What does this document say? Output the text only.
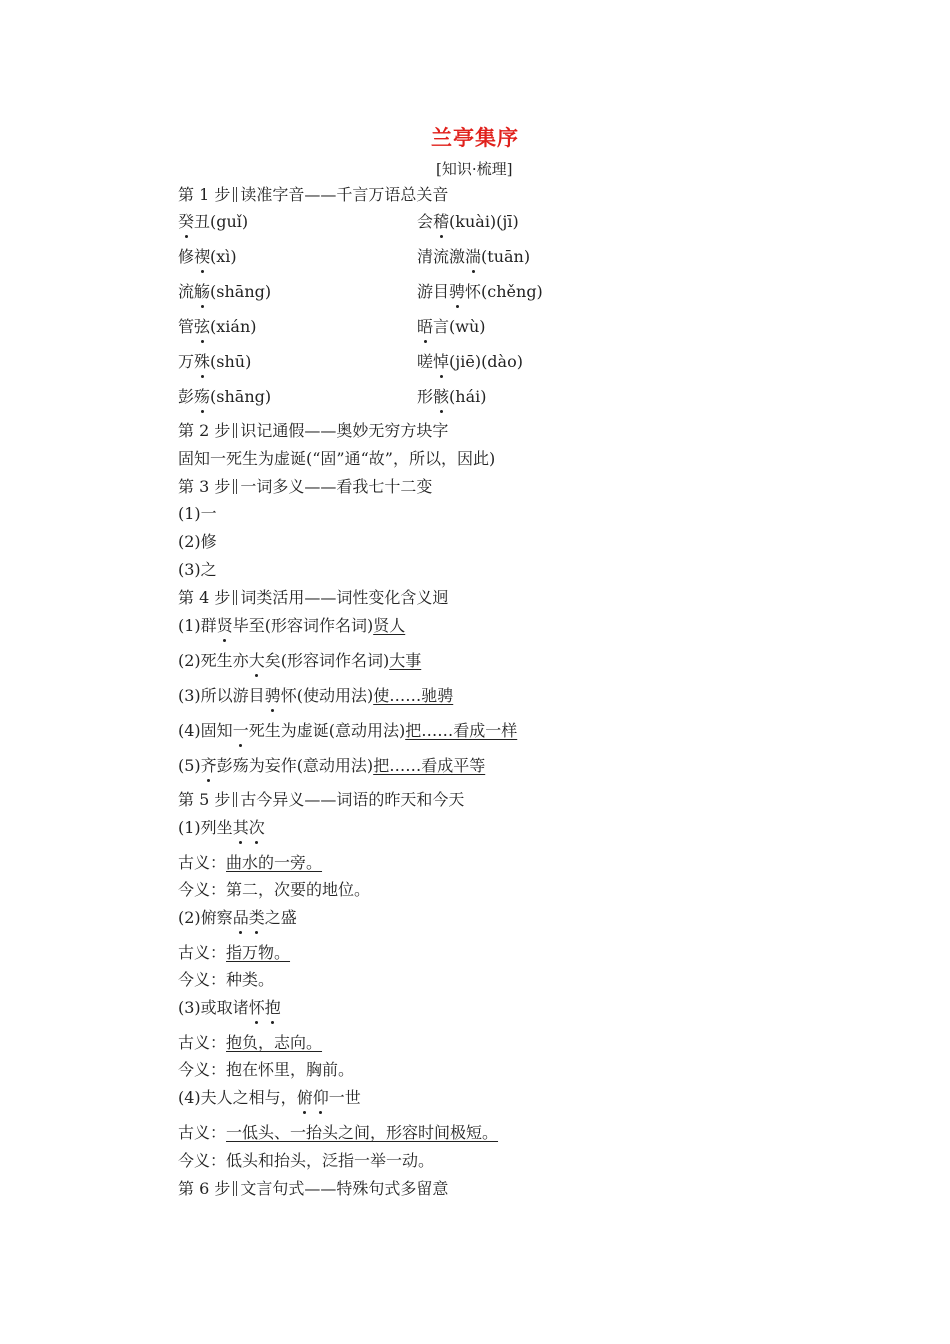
兰亭集序
[知识·梳理]
第 1 步 读准字音——千言万语总关音
癸丑(guǐ)
修禊(xì)
流觞(shāng)
管弦(xián)
万殊(shū)
彭殇(shāng)
会稽(kuài)(jī)
清流激湍(tuān)
游目骋怀(chěng)
晤言(wù)
嗟悼(jiē)(dào)
形骸(hái)
第 2 步 识记通假——奥妙无穷方块字
固知一死生为虚诞(“固”通“故”，所以，因此)
第 3 步 一词多义——看我七十二变
(1)一
(2)修
(3)之
第 4 步 词类活用——词性变化含义迥
(1)群贤毕至(形容词作名词)贤人
(2)死生亦大矣(形容词作名词)大事
(3)所以游目骋怀(使动用法)使……驰骋
(4)固知一死生为虚诞(意动用法)把……看成一样
(5)齐彭殇为妄作(意动用法)把……看成平等
第 5 步 古今异义——词语的昨天和今天
(1)列坐其次
古义：曲水的一旁。
今义：第二，次要的地位。
(2)俯察品类之盛
古义：指万物。
今义：种类。
(3)或取诸怀抱
古义：抱负，志向。
今义：抱在怀里，胸前。
(4)夫人之相与，俯仰一世
古义：一低头、一抬头之间，形容时间极短。
今义：低头和抬头，泛指一举一动。
第 6 步 文言句式——特殊句式多留意
